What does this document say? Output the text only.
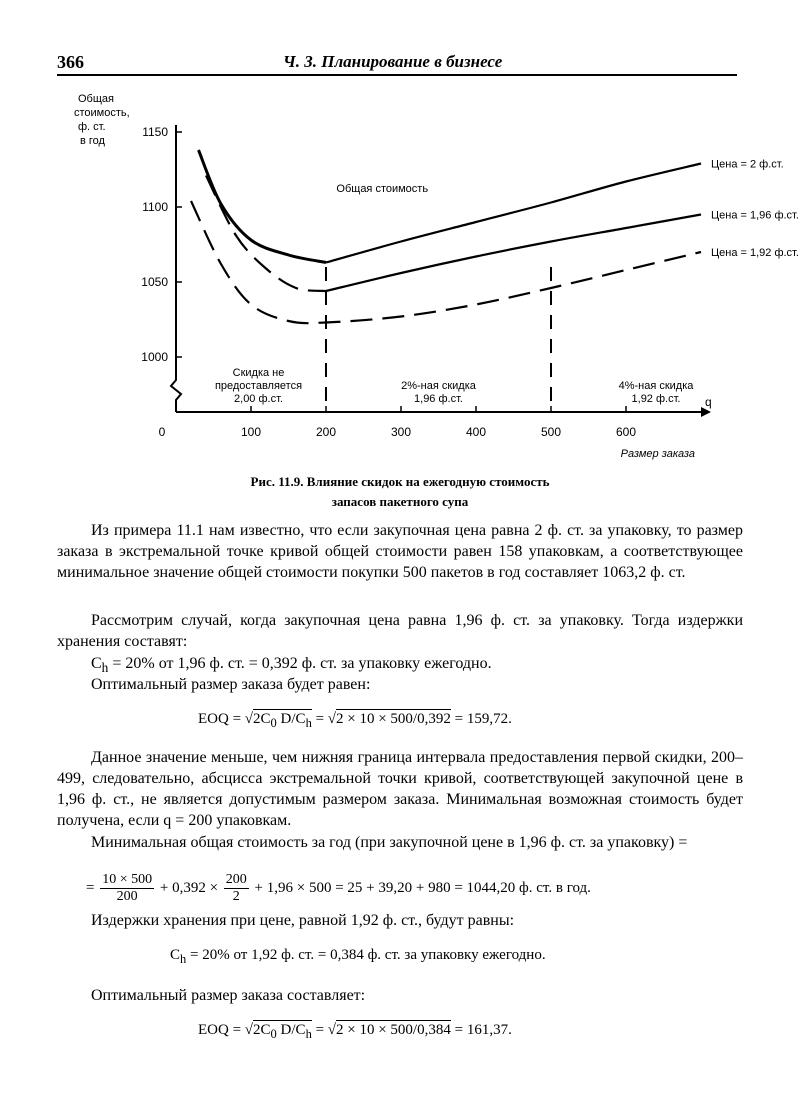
366	Ч. 3. Планирование в бизнесе
Общая
стоимость,
ф. ст.
в год
1000
1050
1100
1150
100	200	300	400	500	600
0
q
Размер заказа
Общая стоимость
Цена = 2 ф.ст.
Цена = 1,96 ф.ст.
Цена = 1,92 ф.ст.
Скидка не
предоставляется
2,00 ф.ст.
2%-ная скидка
1,96 ф.ст.
4%-ная скидка
1,92 ф.ст.
Рис. 11.9. Влияние скидок на ежегодную стоимость
запасов пакетного супа

Из примера 11.1 нам известно, что если закупочная цена равна 2 ф. ст. за упаковку, то размер заказа в экстремальной точке кривой общей стоимости равен 158 упаковкам, а соответствующее минимальное значение общей стоимости покупки 500 пакетов в год составляет 1063,2 ф. ст.

Рассмотрим случай, когда закупочная цена равна 1,96 ф. ст. за упаковку. Тогда издержки хранения составят:

$C_h = 20\%$ от 1,96 ф. ст. = 0,392 ф. ст. за упаковку ежегодно.

Оптимальный размер заказа будет равен:

EOQ = $√2C_0$ $D/C_h = √2 \times 10 \times 500/0,392 = 159,72$.

Данное значение меньше, чем нижняя граница интервала предоставления первой скидки, 200–499, следовательно, абсцисса экстремальной точки кривой, соответствующей закупочной цене в 1,96 ф. ст., не является допустимым размером заказа. Минимальная возможная стоимость будет получена, если q = 200 упаковкам.

Минимальная общая стоимость за год (при закупочной цене в 1,96 ф. ст. за упаковку) =

= $\frac{10 \times 500}{200} + 0,392 \times \frac{200}{2} + 1,96 \times 500 = 25 + 39,20 + 980 = 1044,20$ ф. ст. в год.

Издержки хранения при цене, равной 1,92 ф. ст., будут равны:

$C_h = 20\%$ от 1,92 ф. ст. = 0,384 ф. ст. за упаковку ежегодно.

Оптимальный размер заказа составляет:

EOQ = $√2C_0$ $D/C_h = √2 \times 10 \times 500/0,384 = 161,37$.
